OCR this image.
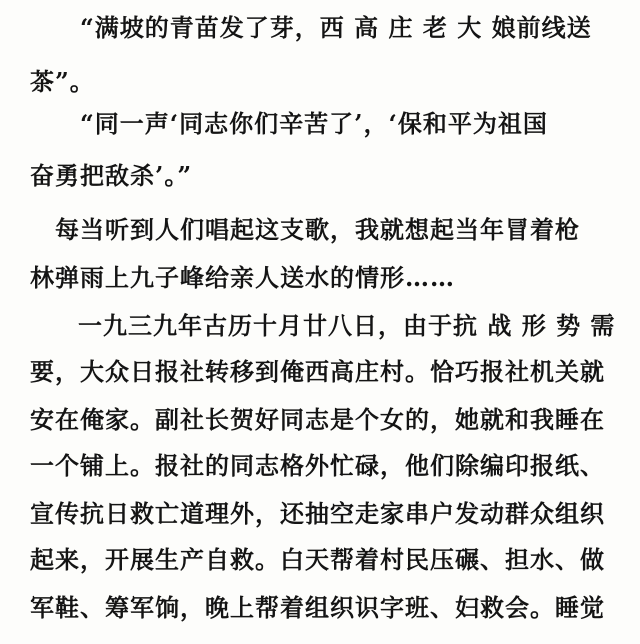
“满坡的青苗发了芽，西 高 庄 老 大 娘前线送
茶”。
“同一声‘同志你们辛苦了’，‘保和平为祖国
奋勇把敌杀’。”
每当听到人们唱起这支歌，我就想起当年冒着枪
林弹雨上九子峰给亲人送水的情形……
一九三九年古历十月廿八日，由于抗 战 形 势 需
要，大众日报社转移到俺西高庄村。恰巧报社机关就
安在俺家。副社长贺好同志是个女的，她就和我睡在
一个铺上。报社的同志格外忙碌，他们除编印报纸、
宣传抗日救亡道理外，还抽空走家串户发动群众组织
起来，开展生产自救。白天帮着村民压碾、担水、做
军鞋、筹军饷，晚上帮着组织识字班、妇救会。睡觉
